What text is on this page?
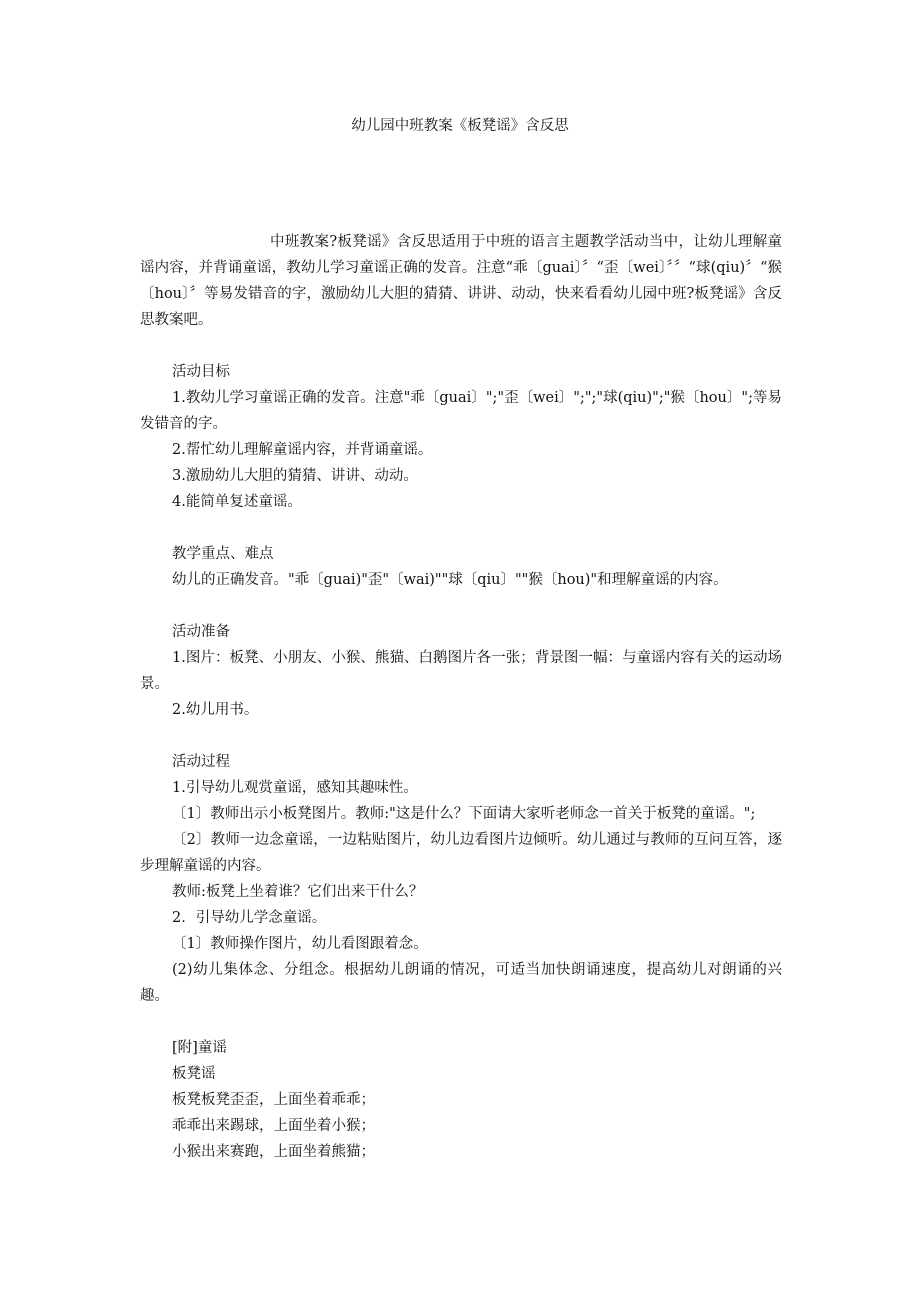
幼儿园中班教案《板凳谣》含反思

中班教案?板凳谣》含反思适用于中班的语言主题教学活动当中，让幼儿理解童谣内容，并背诵童谣，教幼儿学习童谣正确的发音。注意“乖〔guai〕〞“歪〔wei〕〞〞“球(qiu)〞“猴〔hou〕〞等易发错音的字，激励幼儿大胆的猜猜、讲讲、动动，快来看看幼儿园中班?板凳谣》含反思教案吧。

活动目标

1.教幼儿学习童谣正确的发音。注意"乖〔guai〕";"歪〔wei〕";";"球(qiu)";"猴〔hou〕";等易发错音的字。

2.帮忙幼儿理解童谣内容，并背诵童谣。

3.激励幼儿大胆的猜猜、讲讲、动动。

4.能简单复述童谣。

教学重点、难点

幼儿的正确发音。"乖〔guai)"歪"〔wai)""球〔qiu〕""猴〔hou)"和理解童谣的内容。

活动准备

1.图片：板凳、小朋友、小猴、熊猫、白鹅图片各一张；背景图一幅：与童谣内容有关的运动场景。

2.幼儿用书。

活动过程

1.引导幼儿观赏童谣，感知其趣味性。

〔1〕教师出示小板凳图片。教师:"这是什么？下面请大家听老师念一首关于板凳的童谣。";

〔2〕教师一边念童谣，一边粘贴图片，幼儿边看图片边倾听。幼儿通过与教师的互问互答，逐步理解童谣的内容。

教师:板凳上坐着谁？它们出来干什么？

2．引导幼儿学念童谣。

〔1〕教师操作图片，幼儿看图跟着念。

(2)幼儿集体念、分组念。根据幼儿朗诵的情况，可适当加快朗诵速度，提高幼儿对朗诵的兴趣。

[附]童谣

板凳谣

板凳板凳歪歪，上面坐着乖乖；

乖乖出来踢球，上面坐着小猴；

小猴出来赛跑，上面坐着熊猫；
